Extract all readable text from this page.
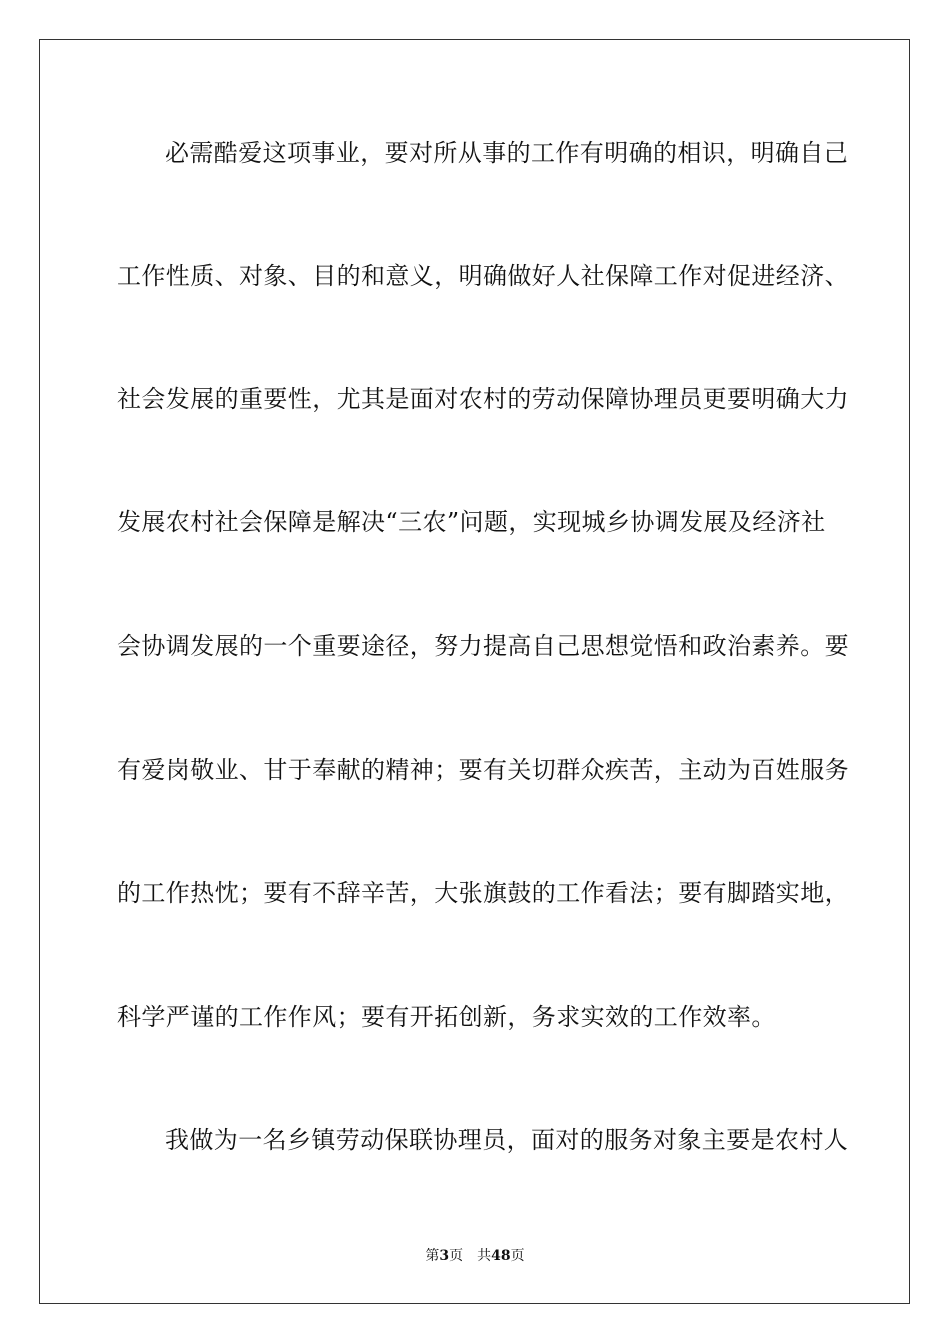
必需酷爱这项事业，要对所从事的工作有明确的相识，明确自己
工作性质、对象、目的和意义，明确做好人社保障工作对促进经济、
社会发展的重要性，尤其是面对农村的劳动保障协理员更要明确大力
发展农村社会保障是解决“三农”问题，实现城乡协调发展及经济社
会协调发展的一个重要途径，努力提高自己思想觉悟和政治素养。要
有爱岗敬业、甘于奉献的精神；要有关切群众疾苦，主动为百姓服务
的工作热忱；要有不辞辛苦，大张旗鼓的工作看法；要有脚踏实地，
科学严谨的工作作风；要有开拓创新，务求实效的工作效率。
我做为一名乡镇劳动保联协理员，面对的服务对象主要是农村人
第3页　共48页
